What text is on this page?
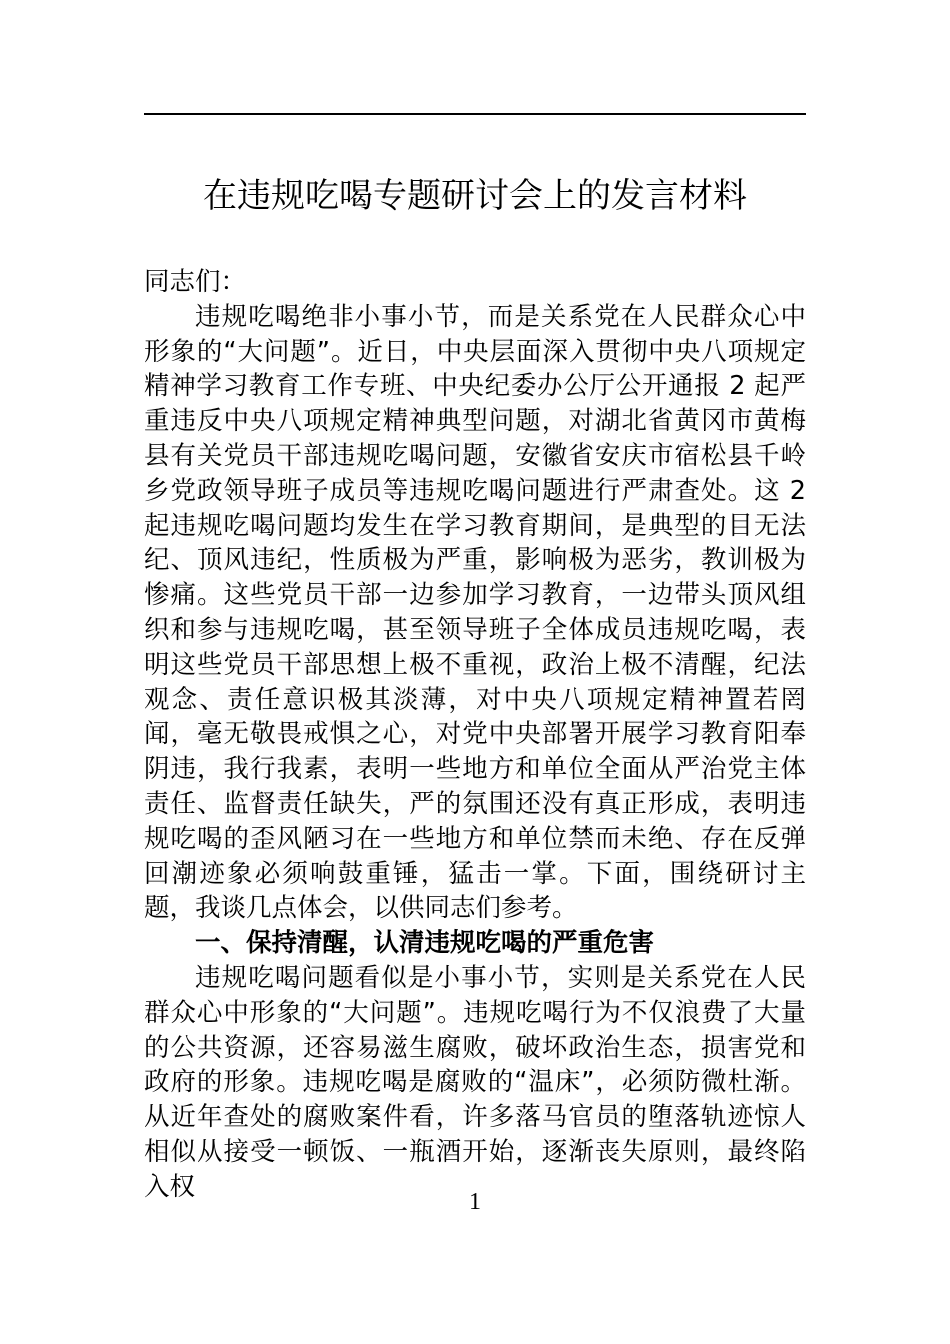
在违规吃喝专题研讨会上的发言材料

同志们：

违规吃喝绝非小事小节，而是关系党在人民群众心中形象的“大问题”。近日，中央层面深入贯彻中央八项规定精神学习教育工作专班、中央纪委办公厅公开通报 2 起严重违反中央八项规定精神典型问题，对湖北省黄冈市黄梅县有关党员干部违规吃喝问题，安徽省安庆市宿松县千岭乡党政领导班子成员等违规吃喝问题进行严肃查处。这 2 起违规吃喝问题均发生在学习教育期间，是典型的目无法纪、顶风违纪，性质极为严重，影响极为恶劣，教训极为惨痛。这些党员干部一边参加学习教育，一边带头顶风组织和参与违规吃喝，甚至领导班子全体成员违规吃喝，表明这些党员干部思想上极不重视，政治上极不清醒，纪法观念、责任意识极其淡薄，对中央八项规定精神置若罔闻，毫无敬畏戒惧之心，对党中央部署开展学习教育阳奉阴违，我行我素，表明一些地方和单位全面从严治党主体责任、监督责任缺失，严的氛围还没有真正形成，表明违规吃喝的歪风陋习在一些地方和单位禁而未绝、存在反弹回潮迹象必须响鼓重锤，猛击一掌。下面，围绕研讨主题，我谈几点体会，以供同志们参考。

一、保持清醒，认清违规吃喝的严重危害

违规吃喝问题看似是小事小节，实则是关系党在人民群众心中形象的“大问题”。违规吃喝行为不仅浪费了大量的公共资源，还容易滋生腐败，破坏政治生态，损害党和政府的形象。违规吃喝是腐败的“温床”，必须防微杜渐。从近年查处的腐败案件看，许多落马官员的堕落轨迹惊人相似从接受一顿饭、一瓶酒开始，逐渐丧失原则，最终陷入权

1
